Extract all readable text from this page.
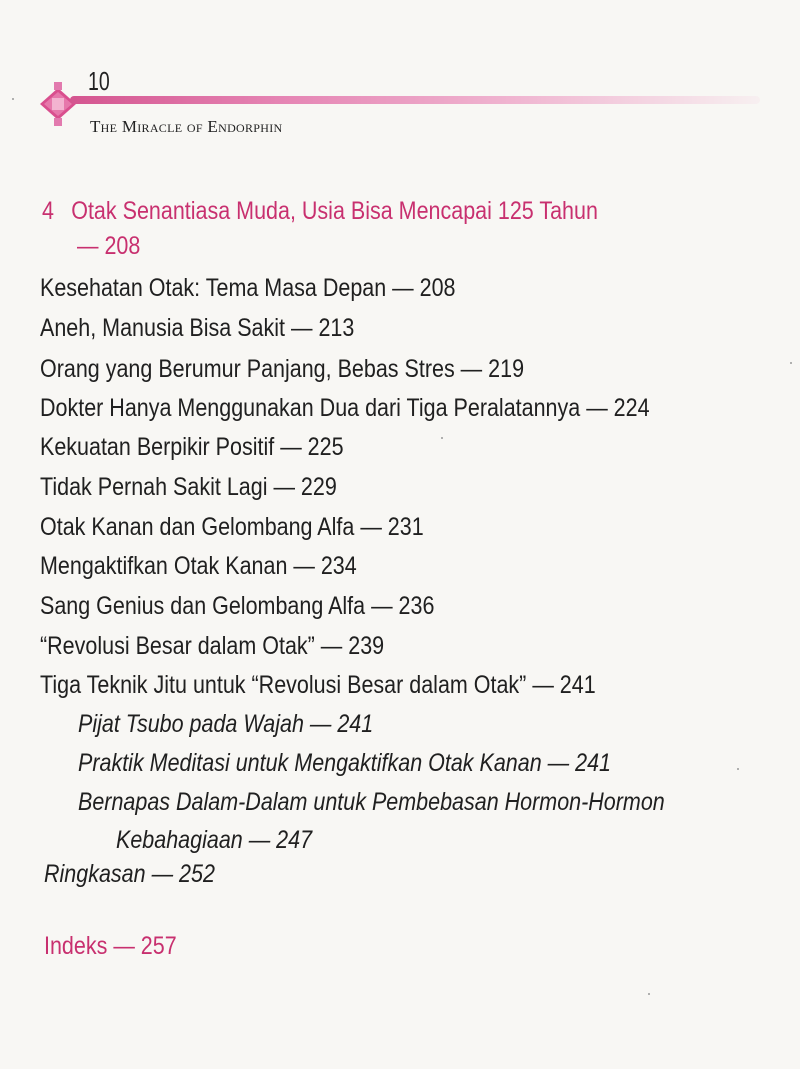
10
The Miracle of Endorphin
4 Otak Senantiasa Muda, Usia Bisa Mencapai 125 Tahun
— 208
Kesehatan Otak: Tema Masa Depan — 208
Aneh, Manusia Bisa Sakit — 213
Orang yang Berumur Panjang, Bebas Stres — 219
Dokter Hanya Menggunakan Dua dari Tiga Peralatannya — 224
Kekuatan Berpikir Positif — 225
Tidak Pernah Sakit Lagi — 229
Otak Kanan dan Gelombang Alfa — 231
Mengaktifkan Otak Kanan — 234
Sang Genius dan Gelombang Alfa — 236
“Revolusi Besar dalam Otak” — 239
Tiga Teknik Jitu untuk “Revolusi Besar dalam Otak” — 241
Pijat Tsubo pada Wajah — 241
Praktik Meditasi untuk Mengaktifkan Otak Kanan — 241
Bernapas Dalam-Dalam untuk Pembebasan Hormon-Hormon
Kebahagiaan — 247
Ringkasan — 252
Indeks — 257
